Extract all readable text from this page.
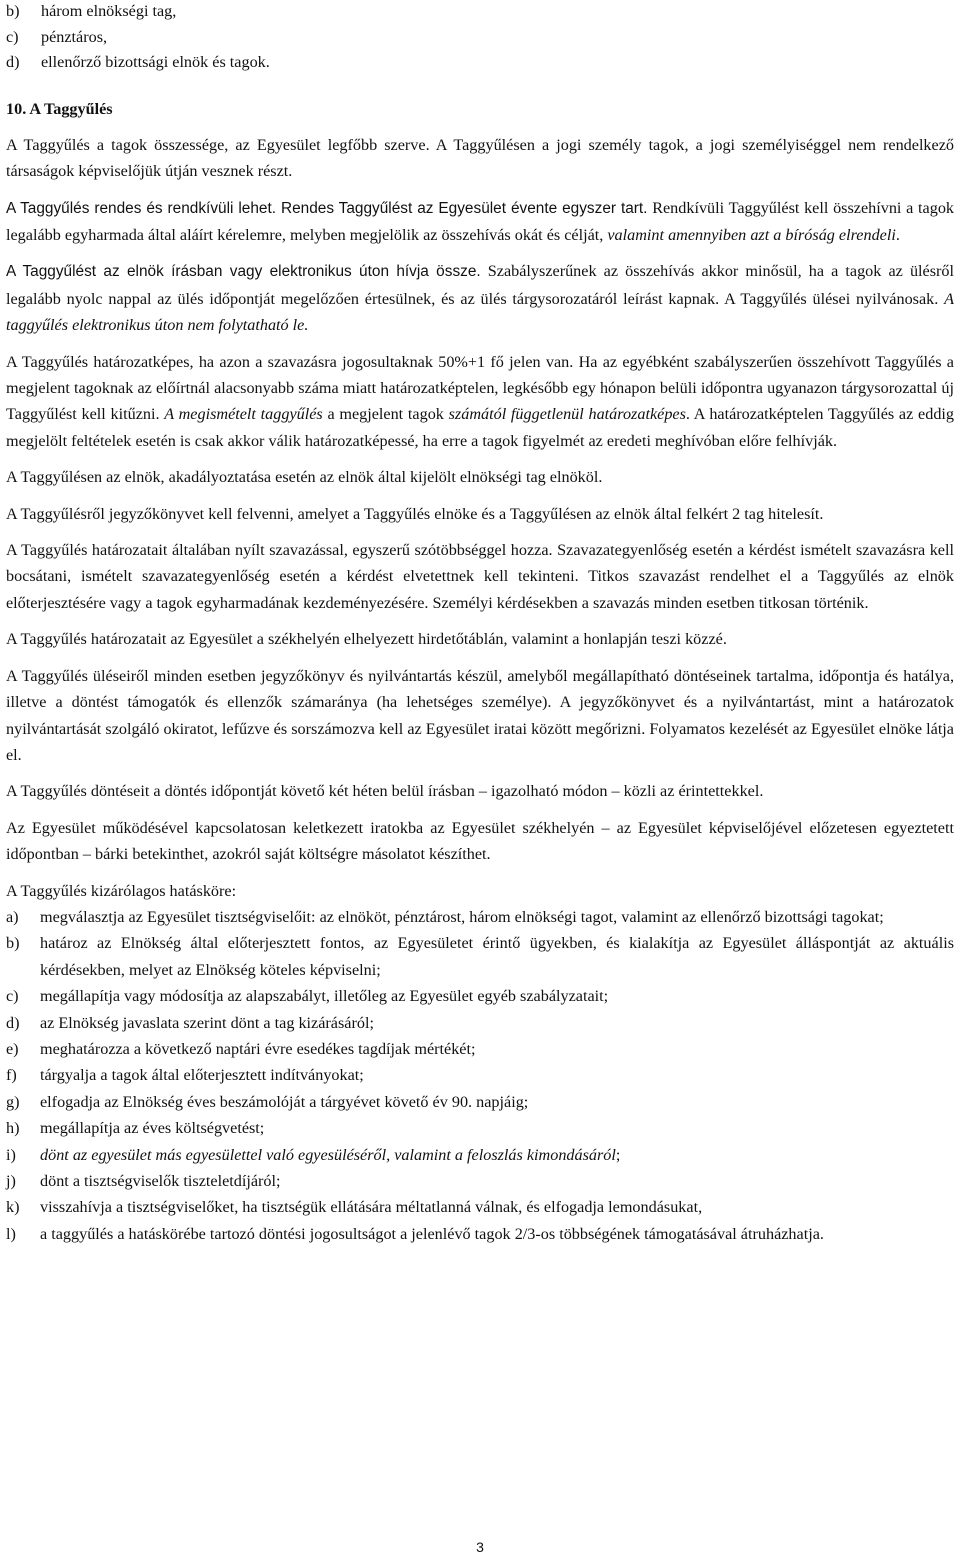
b)	három elnökségi tag,
c)	pénztáros,
d)	ellenőrző bizottsági elnök és tagok.
10. A Taggyűlés

A Taggyűlés a tagok összessége, az Egyesület legfőbb szerve. A Taggyűlésen a jogi személy tagok, a jogi személyiséggel nem rendelkező társaságok képviselőjük útján vesznek részt.

A Taggyűlés rendes és rendkívüli lehet. Rendes Taggyűlést az Egyesület évente egyszer tart. Rendkívüli Taggyűlést kell összehívni a tagok legalább egyharmada által aláírt kérelemre, melyben megjelölik az összehívás okát és célját, valamint amennyiben azt a bíróság elrendeli.

A Taggyűlést az elnök írásban vagy elektronikus úton hívja össze. Szabályszerűnek az összehívás akkor minősül, ha a tagok az ülésről legalább nyolc nappal az ülés időpontját megelőzően értesülnek, és az ülés tárgysorozatáról leírást kapnak. A Taggyűlés ülései nyilvánosak. A taggyűlés elektronikus úton nem folytatható le.

A Taggyűlés határozatképes, ha azon a szavazásra jogosultaknak 50%+1 fő jelen van. Ha az egyébként szabályszerűen összehívott Taggyűlés a megjelent tagoknak az előírtnál alacsonyabb száma miatt határozatképtelen, legkésőbb egy hónapon belüli időpontra ugyanazon tárgysorozattal új Taggyűlést kell kitűzni. A megismételt taggyűlés a megjelent tagok számától függetlenül határozatképes. A határozatképtelen Taggyűlés az eddig megjelölt feltételek esetén is csak akkor válik határozatképessé, ha erre a tagok figyelmét az eredeti meghívóban előre felhívják.

A Taggyűlésen az elnök, akadályoztatása esetén az elnök által kijelölt elnökségi tag elnököl.

A Taggyűlésről jegyzőkönyvet kell felvenni, amelyet a Taggyűlés elnöke és a Taggyűlésen az elnök által felkért 2 tag hitelesít.

A Taggyűlés határozatait általában nyílt szavazással, egyszerű szótöbbséggel hozza. Szavazategyenlőség esetén a kérdést ismételt szavazásra kell bocsátani, ismételt szavazategyenlőség esetén a kérdést elvetettnek kell tekinteni. Titkos szavazást rendelhet el a Taggyűlés az elnök előterjesztésére vagy a tagok egyharmadának kezdeményezésére. Személyi kérdésekben a szavazás minden esetben titkosan történik.

A Taggyűlés határozatait az Egyesület a székhelyén elhelyezett hirdetőtáblán, valamint a honlapján teszi közzé.

A Taggyűlés üléseiről minden esetben jegyzőkönyv és nyilvántartás készül, amelyből megállapítható döntéseinek tartalma, időpontja és hatálya, illetve a döntést támogatók és ellenzők számaránya (ha lehetséges személye). A jegyzőkönyvet és a nyilvántartást, mint a határozatok nyilvántartását szolgáló okiratot, lefűzve és sorszámozva kell az Egyesület iratai között megőrizni. Folyamatos kezelését az Egyesület elnöke látja el.

A Taggyűlés döntéseit a döntés időpontját követő két héten belül írásban – igazolható módon – közli az érintettekkel.

Az Egyesület működésével kapcsolatosan keletkezett iratokba az Egyesület székhelyén – az Egyesület képviselőjével előzetesen egyeztetett időpontban – bárki betekinthet, azokról saját költségre másolatot készíthet.

A Taggyűlés kizárólagos hatásköre:

a)	megválasztja az Egyesület tisztségviselőit: az elnököt, pénztárost, három elnökségi tagot, valamint az ellenőrző bizottsági tagokat;
b)	határoz az Elnökség által előterjesztett fontos, az Egyesületet érintő ügyekben, és kialakítja az Egyesület álláspontját az aktuális kérdésekben, melyet az Elnökség köteles képviselni;
c)	megállapítja vagy módosítja az alapszabályt, illetőleg az Egyesület egyéb szabályzatait;
d)	az Elnökség javaslata szerint dönt a tag kizárásáról;
e)	meghatározza a következő naptári évre esedékes tagdíjak mértékét;
f)	tárgyalja a tagok által előterjesztett indítványokat;
g)	elfogadja az Elnökség éves beszámolóját a tárgyévet követő év 90. napjáig;
h)	megállapítja az éves költségvetést;
i)	dönt az egyesület más egyesülettel való egyesüléséről, valamint a feloszlás kimondásáról;
j)	dönt a tisztségviselők tiszteletdíjáról;
k)	visszahívja a tisztségviselőket, ha tisztségük ellátására méltatlanná válnak, és elfogadja lemondásukat,
l)	a taggyűlés a hatáskörébe tartozó döntési jogosultságot a jelenlévő tagok 2/3-os többségének támogatásával átruházhatja.
3
